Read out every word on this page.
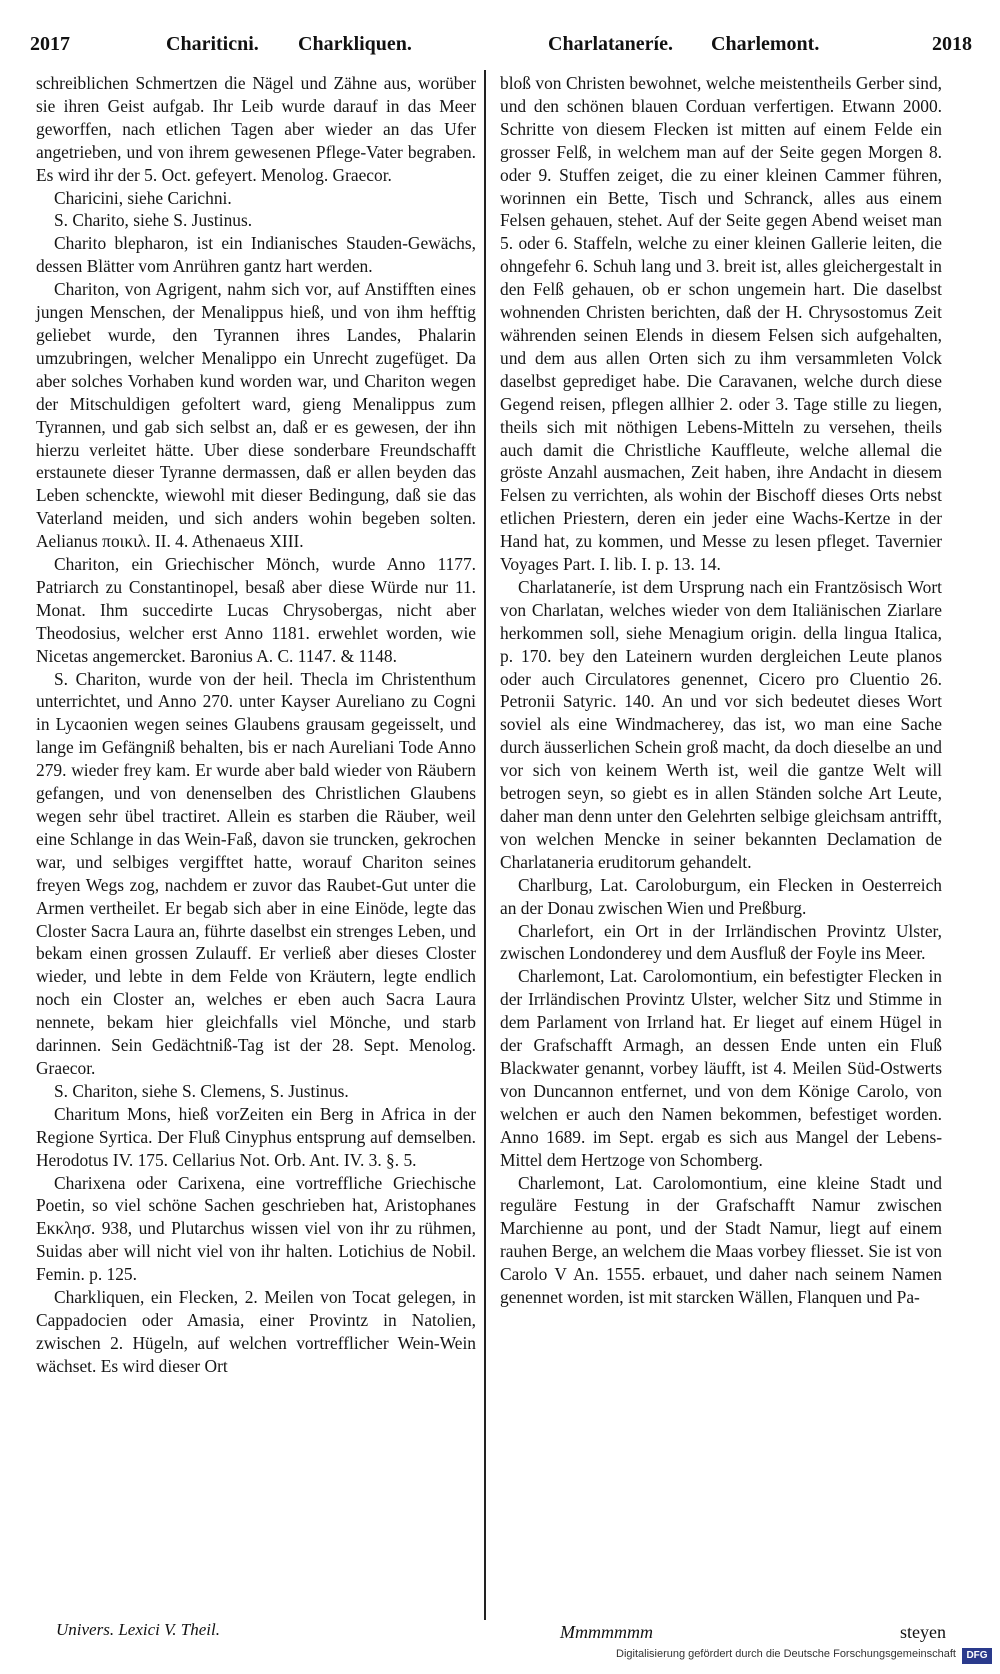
2017	Chariticni. Charkliquen.	Charlataneríe. Charlemont.	2018

schreiblichen Schmertzen die Nägel und Zähne aus, worüber sie ihren Geist aufgab. Ihr Leib wurde darauf in das Meer geworffen, nach etlichen Tagen aber wieder an das Ufer angetrieben, und von ihrem gewesenen Pflege-Vater begraben. Es wird ihr der 5. Oct. gefeyert. Menolog. Graecor.

Charicini, siehe Carichni.

S. Charito, siehe S. Justinus.

Charito blepharon, ist ein Indianisches Stauden-Gewächs, dessen Blätter vom Anrühren gantz hart werden.

Chariton, von Agrigent, nahm sich vor, auf Anstifften eines jungen Menschen, der Menalippus hieß, und von ihm hefftig geliebet wurde, den Tyrannen ihres Landes, Phalarin umzubringen, welcher Menalippo ein Unrecht zugefüget. Da aber solches Vorhaben kund worden war, und Chariton wegen der Mitschuldigen gefoltert ward, gieng Menalippus zum Tyrannen, und gab sich selbst an, daß er es gewesen, der ihn hierzu verleitet hätte. Uber diese sonderbare Freundschafft erstaunete dieser Tyranne dermassen, daß er allen beyden das Leben schenckte, wiewohl mit dieser Bedingung, daß sie das Vaterland meiden, und sich anders wohin begeben solten. Aelianus ποικιλ. II. 4. Athenaeus XIII.

Chariton, ein Griechischer Mönch, wurde Anno 1177. Patriarch zu Constantinopel, besaß aber diese Würde nur 11. Monat. Ihm succedirte Lucas Chrysobergas, nicht aber Theodosius, welcher erst Anno 1181. erwehlet worden, wie Nicetas angemercket. Baronius A. C. 1147. & 1148.

S. Chariton, wurde von der heil. Thecla im Christenthum unterrichtet, und Anno 270. unter Kayser Aureliano zu Cogni in Lycaonien wegen seines Glaubens grausam gegeisselt, und lange im Gefängniß behalten, bis er nach Aureliani Tode Anno 279. wieder frey kam. Er wurde aber bald wieder von Räubern gefangen, und von denenselben des Christlichen Glaubens wegen sehr übel tractiret. Allein es starben die Räuber, weil eine Schlange in das Wein-Faß, davon sie truncken, gekrochen war, und selbiges vergifftet hatte, worauf Chariton seines freyen Wegs zog, nachdem er zuvor das Raubet-Gut unter die Armen vertheilet. Er begab sich aber in eine Einöde, legte das Closter Sacra Laura an, führte daselbst ein strenges Leben, und bekam einen grossen Zulauff. Er verließ aber dieses Closter wieder, und lebte in dem Felde von Kräutern, legte endlich noch ein Closter an, welches er eben auch Sacra Laura nennete, bekam hier gleichfalls viel Mönche, und starb darinnen. Sein Gedächtniß-Tag ist der 28. Sept. Menolog. Graecor.

S. Chariton, siehe S. Clemens, S. Justinus.

Charitum Mons, hieß vorZeiten ein Berg in Africa in der Regione Syrtica. Der Fluß Cinyphus entsprung auf demselben. Herodotus IV. 175. Cellarius Not. Orb. Ant. IV. 3. §. 5.

Charixena oder Carixena, eine vortreffliche Griechische Poetin, so viel schöne Sachen geschrieben hat, Aristophanes Εκκλησ. 938, und Plutarchus wissen viel von ihr zu rühmen, Suidas aber will nicht viel von ihr halten. Lotichius de Nobil. Femin. p. 125.

Charkliquen, ein Flecken, 2. Meilen von Tocat gelegen, in Cappadocien oder Amasia, einer Provintz in Natolien, zwischen 2. Hügeln, auf welchen vortrefflicher Wein-Wein wächset. Es wird dieser Ort

bloß von Christen bewohnet, welche meistentheils Gerber sind, und den schönen blauen Corduan verfertigen. Etwann 2000. Schritte von diesem Flecken ist mitten auf einem Felde ein grosser Felß, in welchem man auf der Seite gegen Morgen 8. oder 9. Stuffen zeiget, die zu einer kleinen Cammer führen, worinnen ein Bette, Tisch und Schranck, alles aus einem Felsen gehauen, stehet. Auf der Seite gegen Abend weiset man 5. oder 6. Staffeln, welche zu einer kleinen Gallerie leiten, die ohngefehr 6. Schuh lang und 3. breit ist, alles gleichergestalt in den Felß gehauen, ob er schon ungemein hart. Die daselbst wohnenden Christen berichten, daß der H. Chrysostomus Zeit währenden seinen Elends in diesem Felsen sich aufgehalten, und dem aus allen Orten sich zu ihm versammleten Volck daselbst geprediget habe. Die Caravanen, welche durch diese Gegend reisen, pflegen allhier 2. oder 3. Tage stille zu liegen, theils sich mit nöthigen Lebens-Mitteln zu versehen, theils auch damit die Christliche Kauffleute, welche allemal die gröste Anzahl ausmachen, Zeit haben, ihre Andacht in diesem Felsen zu verrichten, als wohin der Bischoff dieses Orts nebst etlichen Priestern, deren ein jeder eine Wachs-Kertze in der Hand hat, zu kommen, und Messe zu lesen pfleget. Tavernier Voyages Part. I. lib. I. p. 13. 14.

Charlataneríe, ist dem Ursprung nach ein Frantzösisch Wort von Charlatan, welches wieder von dem Italiänischen Ziarlare herkommen soll, siehe Menagium origin. della lingua Italica, p. 170. bey den Lateinern wurden dergleichen Leute planos oder auch Circulatores genennet, Cicero pro Cluentio 26. Petronii Satyric. 140. An und vor sich bedeutet dieses Wort soviel als eine Windmacherey, das ist, wo man eine Sache durch äusserlichen Schein groß macht, da doch dieselbe an und vor sich von keinem Werth ist, weil die gantze Welt will betrogen seyn, so giebt es in allen Ständen solche Art Leute, daher man denn unter den Gelehrten selbige gleichsam antrifft, von welchen Mencke in seiner bekannten Declamation de Charlataneria eruditorum gehandelt.

Charlburg, Lat. Caroloburgum, ein Flecken in Oesterreich an der Donau zwischen Wien und Preßburg.

Charlefort, ein Ort in der Irrländischen Provintz Ulster, zwischen Londonderey und dem Ausfluß der Foyle ins Meer.

Charlemont, Lat. Carolomontium, ein befestigter Flecken in der Irrländischen Provintz Ulster, welcher Sitz und Stimme in dem Parlament von Irrland hat. Er lieget auf einem Hügel in der Grafschafft Armagh, an dessen Ende unten ein Fluß Blackwater genannt, vorbey läufft, ist 4. Meilen Süd-Ostwerts von Duncannon entfernet, und von dem Könige Carolo, von welchen er auch den Namen bekommen, befestiget worden. Anno 1689. im Sept. ergab es sich aus Mangel der Lebens-Mittel dem Hertzoge von Schomberg.

Charlemont, Lat. Carolomontium, eine kleine Stadt und reguläre Festung in der Grafschafft Namur zwischen Marchienne au pont, und der Stadt Namur, liegt auf einem rauhen Berge, an welchem die Maas vorbey fliesset. Sie ist von Carolo V An. 1555. erbauet, und daher nach seinem Namen genennet worden, ist mit starcken Wällen, Flanquen und Pa-

Univers. Lexici V. Theil.	Mmmmmmm	steyen
Digitalisierung gefördert durch die Deutsche Forschungsgemeinschaft	DFG
